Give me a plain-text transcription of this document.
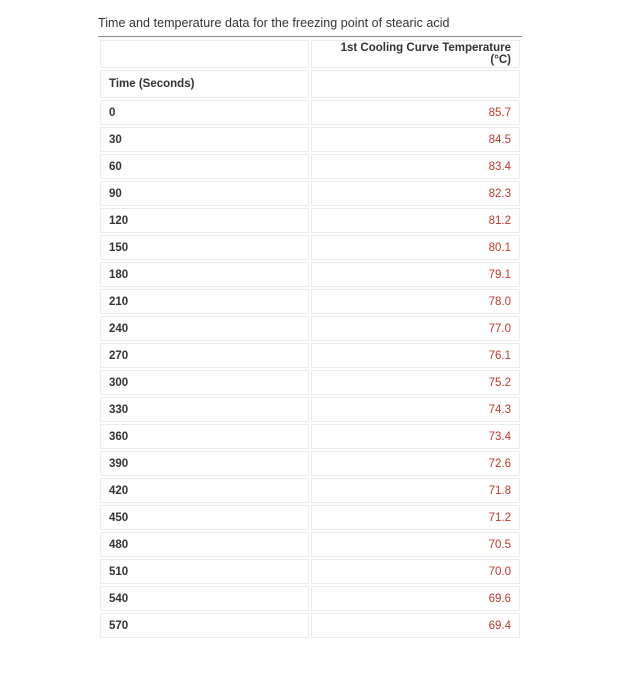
Time and temperature data for the freezing point of stearic acid
	1st Cooling Curve Temperature (°C)
Time (Seconds)	
0	85.7
30	84.5
60	83.4
90	82.3
120	81.2
150	80.1
180	79.1
210	78.0
240	77.0
270	76.1
300	75.2
330	74.3
360	73.4
390	72.6
420	71.8
450	71.2
480	70.5
510	70.0
540	69.6
570	69.4
